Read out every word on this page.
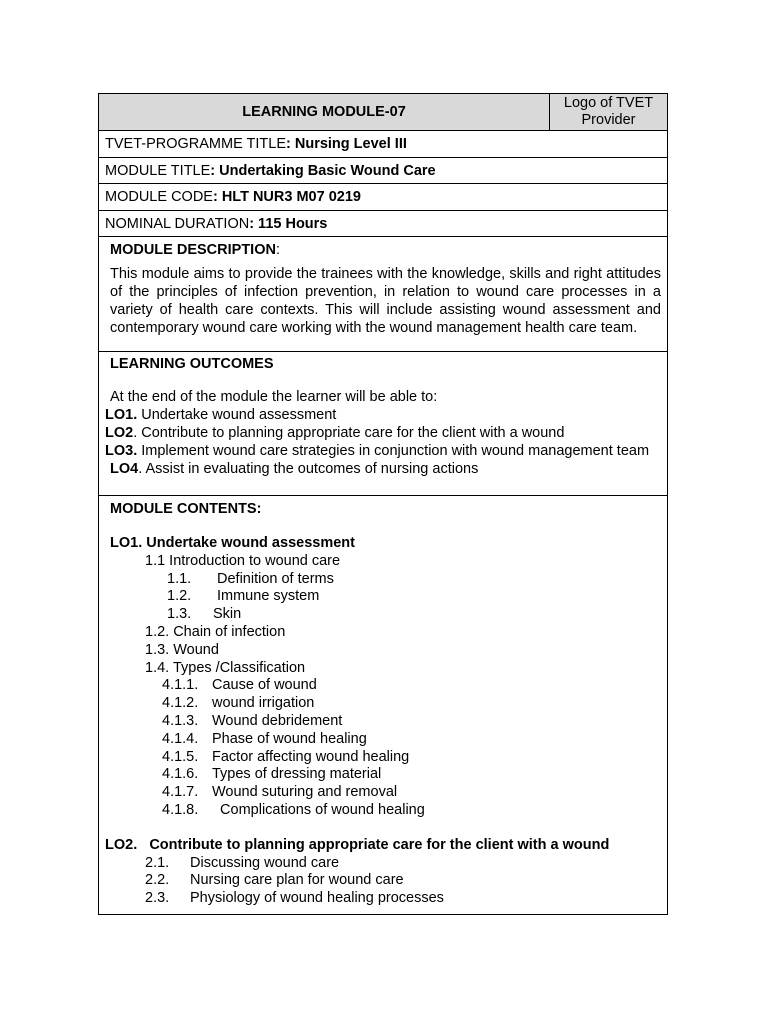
LEARNING MODULE-07
Logo of TVET
Provider
TVET-PROGRAMME TITLE: Nursing Level III
MODULE TITLE: Undertaking Basic Wound Care
MODULE CODE: HLT NUR3 M07 0219
NOMINAL DURATION: 115 Hours
MODULE DESCRIPTION:
This module aims to provide the trainees with the knowledge, skills and right attitudes of the principles of infection prevention, in relation to wound care processes in a variety of health care contexts. This will include assisting wound assessment and contemporary wound care working with the wound management health care team.
LEARNING OUTCOMES
At the end of the module the learner will be able to:
LO1. Undertake wound assessment
LO2. Contribute to planning appropriate care for the client with a wound
LO3. Implement wound care strategies in conjunction with wound management team
LO4. Assist in evaluating the outcomes of nursing actions
MODULE CONTENTS:
LO1. Undertake wound assessment
1.1 Introduction to wound care
1.1. Definition of terms
1.2. Immune system
1.3. Skin
1.2. Chain of infection
1.3. Wound
1.4. Types /Classification
4.1.1. Cause of wound
4.1.2. wound irrigation
4.1.3. Wound debridement
4.1.4. Phase of wound healing
4.1.5. Factor affecting wound healing
4.1.6. Types of dressing material
4.1.7. Wound suturing and removal
4.1.8.  Complications of wound healing
LO2.   Contribute to planning appropriate care for the client with a wound
2.1. Discussing wound care
2.2. Nursing care plan for wound care
2.3. Physiology of wound healing processes
